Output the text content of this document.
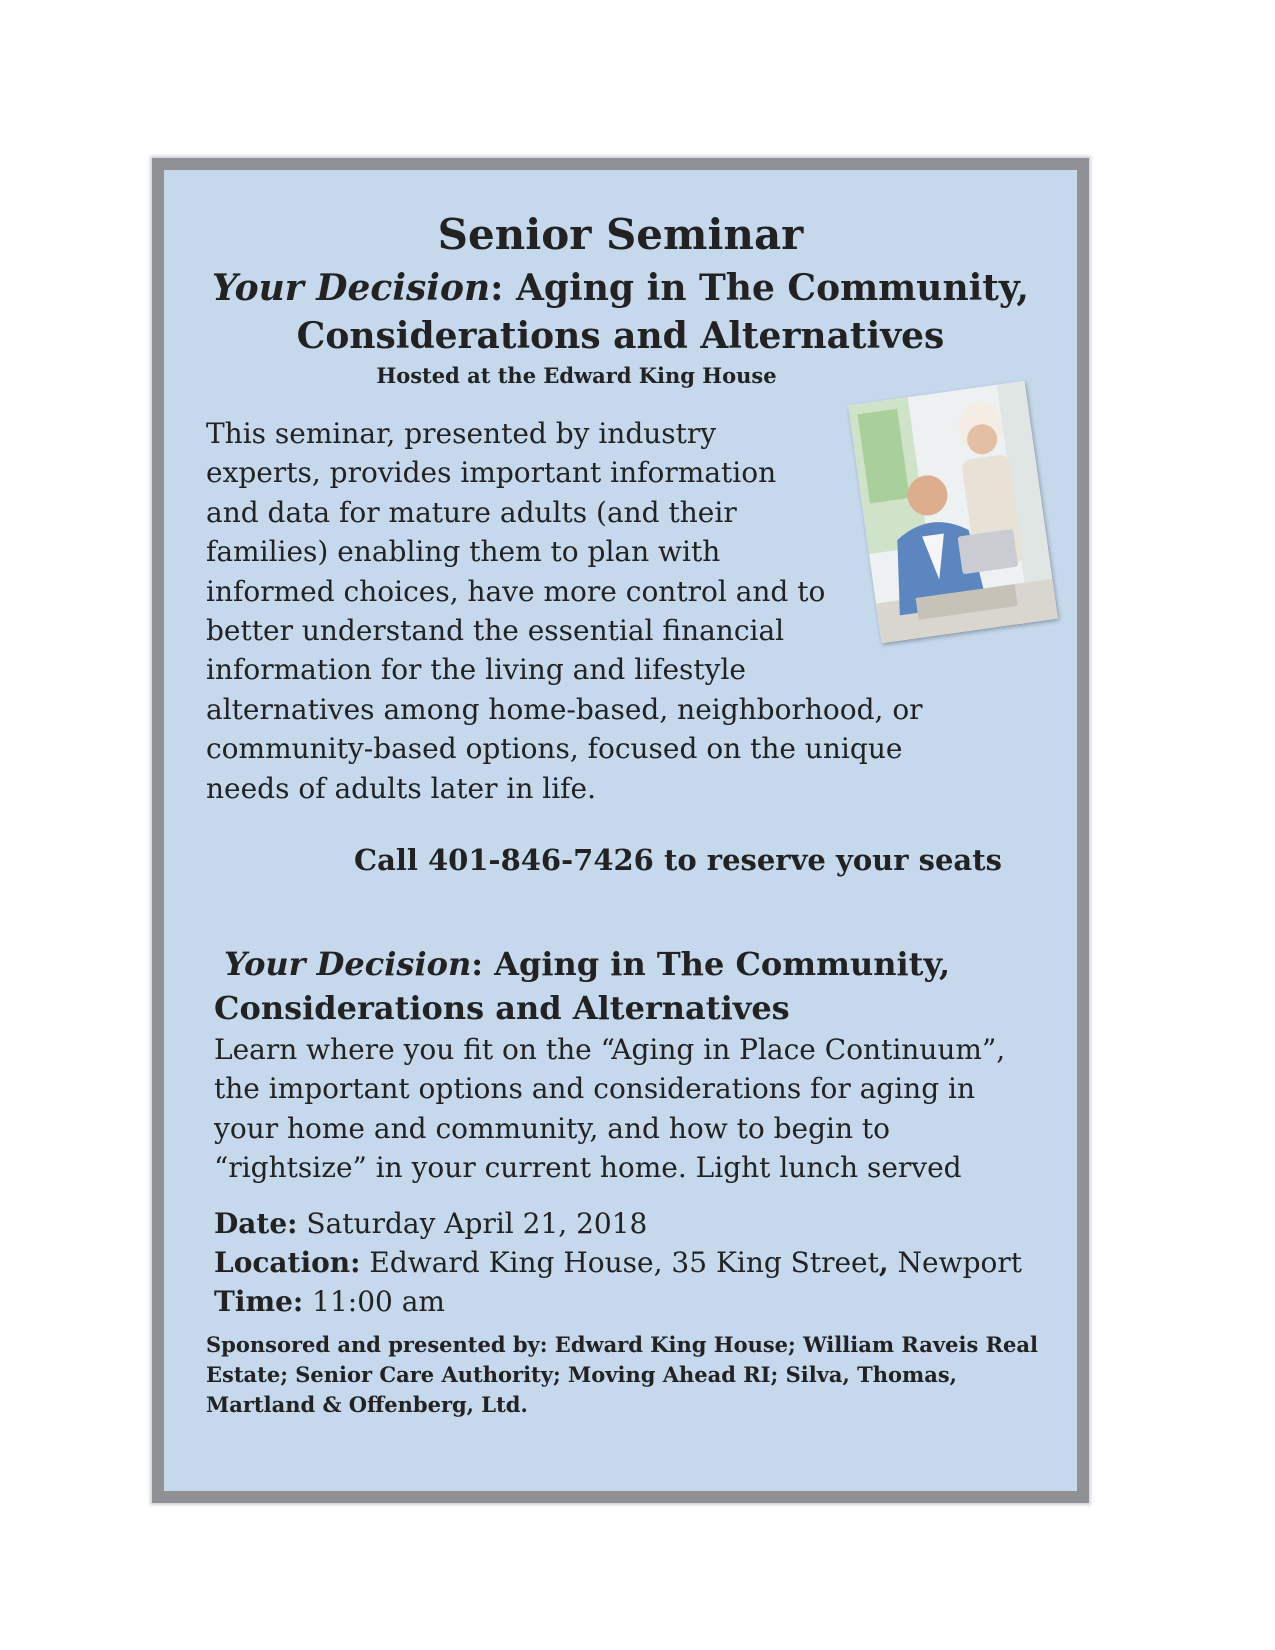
Senior Seminar
Your Decision: Aging in The Community,
Considerations and Alternatives
Hosted at the Edward King House
This seminar, presented by industry
experts, provides important information
and data for mature adults (and their
families) enabling them to plan with
informed choices, have more control and to
better understand the essential financial
information for the living and lifestyle
alternatives among home-based, neighborhood, or
community-based options, focused on the unique
needs of adults later in life.
Call 401-846-7426 to reserve your seats
Your Decision: Aging in The Community,
Considerations and Alternatives
Learn where you fit on the “Aging in Place Continuum”,
the important options and considerations for aging in
your home and community, and how to begin to
“rightsize” in your current home. Light lunch served
Date: Saturday April 21, 2018
Location: Edward King House, 35 King Street, Newport
Time: 11:00 am
Sponsored and presented by: Edward King House; William Raveis Real
Estate; Senior Care Authority; Moving Ahead RI; Silva, Thomas,
Martland & Offenberg, Ltd.
